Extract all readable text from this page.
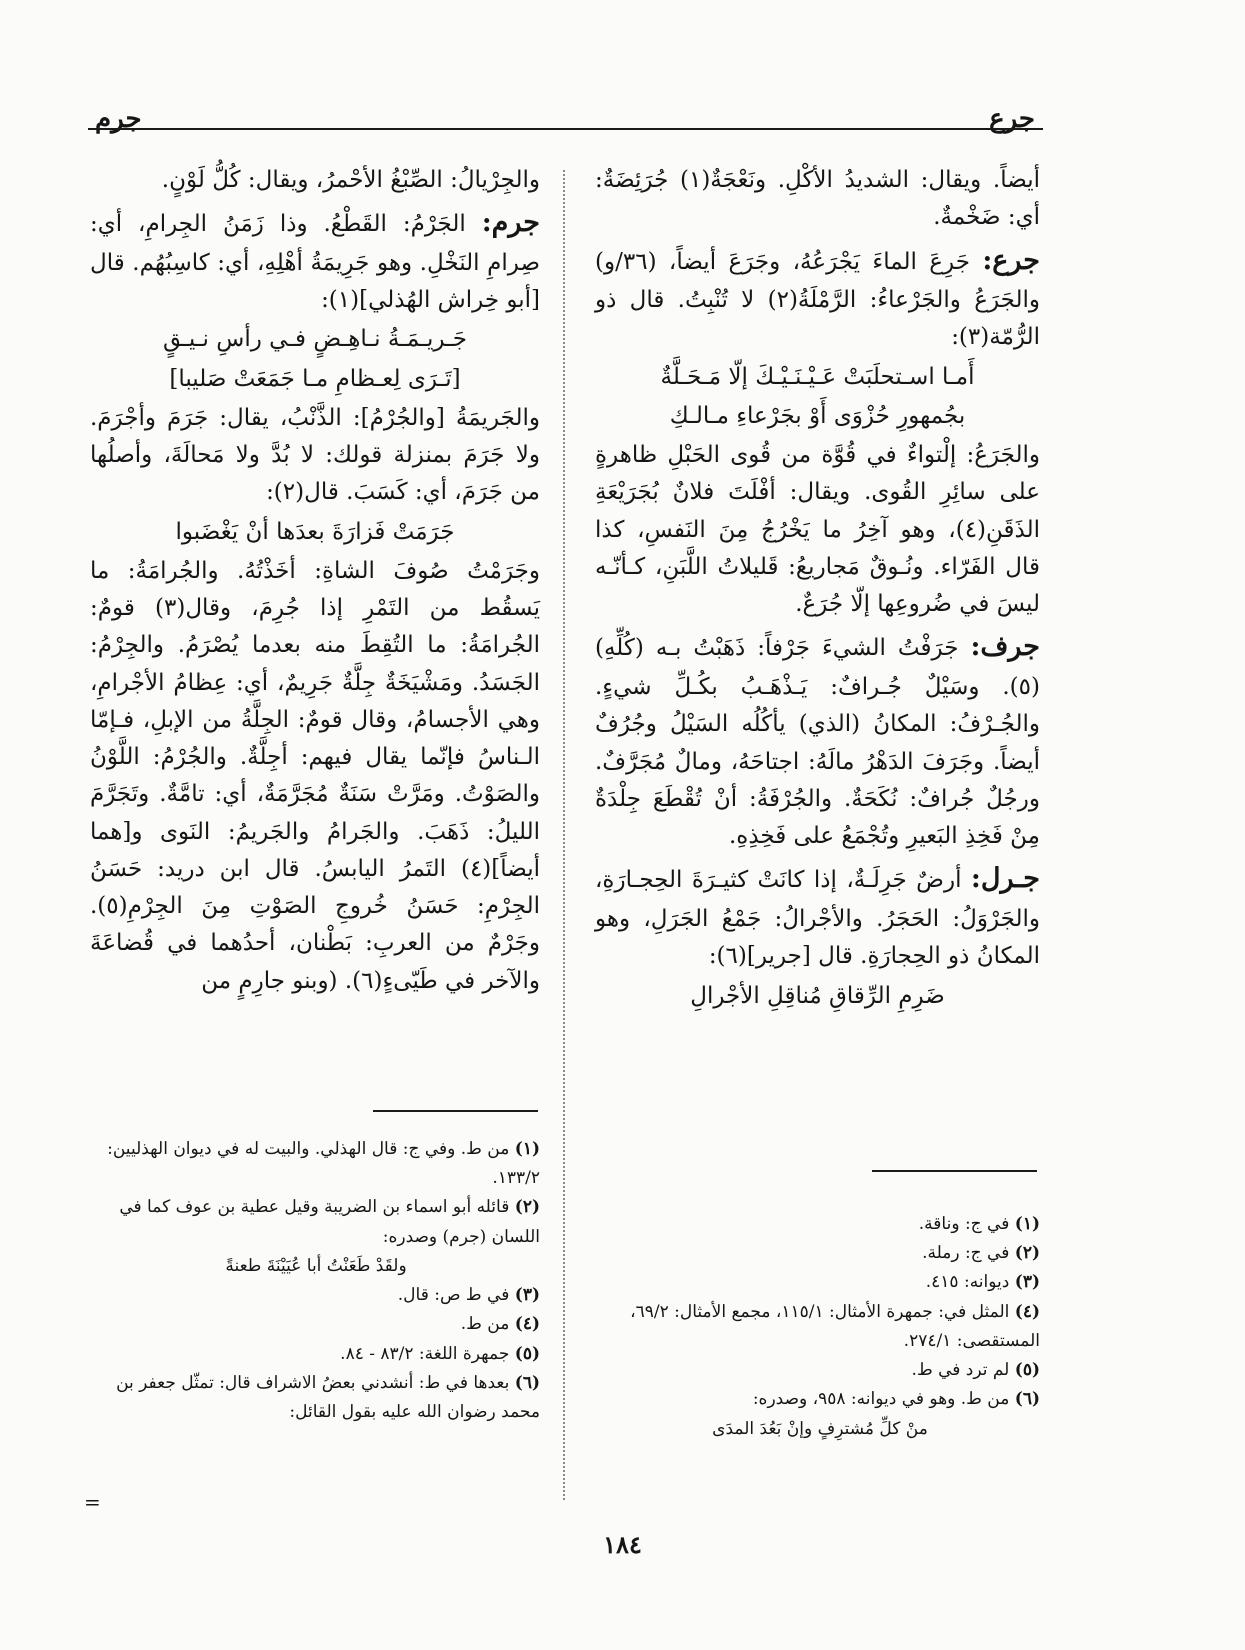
جرع
جرم

أيضاً. ويقال: الشديدُ الأكْلِ. ونَعْجَةٌ(١) جُرَئِضَةٌ: أي: ضَخْمةٌ.

جرع: جَرِعَ الماءَ يَجْرَعُهُ، وجَرَعَ أيضاً، (٣٦/و) والجَرَعُ والجَرْعاءُ: الرَّمْلَةُ(٢) لا تُنْبِتُ. قال ذو الرُّمّة(٣):

أَمـا اسـتحلَبَتْ عَـيْـنَـيْـكَ إلّا مَـحَـلَّةٌ

بجُمهورِ حُزْوَى أَوْ بجَرْعاءِ مـالـكِ

والجَرَعُ: إلْتواءٌ في قُوَّة من قُوى الحَبْلِ ظاهرةٍ على سائِرِ القُوى. ويقال: أفْلَتَ فلانٌ بُجَرَيْعَةِ الذَقَنِ(٤)، وهو آخِرُ ما يَخْرُجُ مِنَ النَفسِ، كذا قال الفَرّاء. ونُـوقٌ مَجاريعُ: قَليلاتُ اللَّبَنِ، كـأنّـه ليسَ في ضُروعِها إلّا جُرَعٌ.

جرف: جَرَفْتُ الشيءَ جَرْفاً: ذَهَبْتُ بـه (كُلِّهِ)(٥). وسَيْلٌ جُـرافٌ: يَـذْهَـبُ بكُـلِّ شيءٍ. والجُـرْفُ: المكانُ (الذي) يأكُلُه السَيْلُ وجُرُفٌ أيضاً. وجَرَفَ الدَهْرُ مالَهُ: اجتاحَهُ، ومالٌ مُجَرَّفٌ. ورجُلٌ جُرافٌ: نُكَحَةٌ. والجُرْفَةُ: أنْ تُقْطَعَ جِلْدَةٌ مِنْ فَخِذِ البَعيرِ وتُجْمَعُ على فَخِذِهِ.

جـرل: أرضٌ جَرِلَـةٌ، إذا كانَتْ كثيـرَةَ الحِجـارَةِ، والجَرْوَلُ: الحَجَرُ. والأجْرالُ: جَمْعُ الجَرَلِ، وهو المكانُ ذو الحِجارَةِ. قال [جرير](٦):

ضَرِمِ الرِّقاقِ مُناقِلِ الأجْرالِ

والجِرْيالُ: الصِّبْغُ الأحْمرُ، ويقال: كُلُّ لَوْنٍ.

جرم: الجَرْمُ: القَطْعُ. وذا زَمَنُ الجِرامِ، أي: صِرامِ النَخْلِ. وهو جَرِيمَةُ أهْلِهِ، أي: كاسِبُهُم. قال [أبو خِراش الهُذلي](١):

جَـريـمَـةُ نـاهِـضٍ فـي رأسِ نـيـقٍ

[تَـرَى لِعـظامِ مـا جَمَعَتْ صَليبا]

والجَريمَةُ [والجُرْمُ]: الذَّنْبُ، يقال: جَرَمَ وأجْرَمَ. ولا جَرَمَ بمنزلة قولك: لا بُدَّ ولا مَحالَةَ، وأصلُها من جَرَمَ، أي: كَسَبَ. قال(٢):

جَرَمَتْ فَزارَةَ بعدَها أنْ يَغْضَبوا

وجَرَمْتُ صُوفَ الشاةِ: أخَذْتُهُ. والجُرامَةُ: ما يَسقُط من التَمْرِ إذا جُرِمَ، وقال(٣) قومٌ: الجُرامَةُ: ما التُقِطَ منه بعدما يُصْرَمُ. والجِرْمُ: الجَسَدُ. ومَشْيَخَةٌ جِلَّةٌ جَرِيمٌ، أي: عِظامُ الأجْرامِ، وهي الأجسامُ، وقال قومٌ: الجِلَّةُ من الإبلِ، فـإمّا الـناسُ فإنّما يقال فيهم: أجِلَّةٌ. والجُرْمُ: اللَّوْنُ والصَوْتُ. ومَرَّتْ سَنَةٌ مُجَرَّمَةٌ، أي: تامَّةٌ. وتَجَرَّمَ الليلُ: ذَهَبَ. والجَرامُ والجَريمُ: النَوى و[هما أيضاً](٤) التَمرُ اليابسُ. قال ابن دريد: حَسَنُ الجِرْمِ: حَسَنُ خُروجِ الصَوْتِ مِنَ الجِرْمِ(٥). وجَرْمٌ من العربِ: بَطْنان، أحدُهما في قُضاعَةَ والآخر في طَيّىءٍ(٦). (وبنو جارِمٍ من

(١) في ج: وناقة.

(٢) في ج: رملة.

(٣) ديوانه: ٤١٥.

(٤) المثل في: جمهرة الأمثال: ١١٥/١، مجمع الأمثال: ٦٩/٢، المستقصى: ٢٧٤/١.

(٥) لم ترد في ط.

(٦) من ط. وهو في ديوانه: ٩٥٨، وصدره:

منْ كلِّ مُشترِفٍ وإنْ بَعُدَ المدَى

(١) من ط. وفي ج: قال الهذلي. والبيت له في ديوان الهذليين: ١٣٣/٢.

(٢) قائله أبو اسماء بن الضريبة وقيل عطية بن عوف كما في اللسان (جرم) وصدره:

ولقَدْ طَعَنْتُ أبا عُيَيْنَةَ طعنةً

(٣) في ط ص: قال.

(٤) من ط.

(٥) جمهرة اللغة: ٨٣/٢ - ٨٤.

(٦) بعدها في ط: أنشدني بعضُ الاشراف قال: تمثّل جعفر بن محمد رضوان الله عليه بقول القائل:

=
١٨٤
